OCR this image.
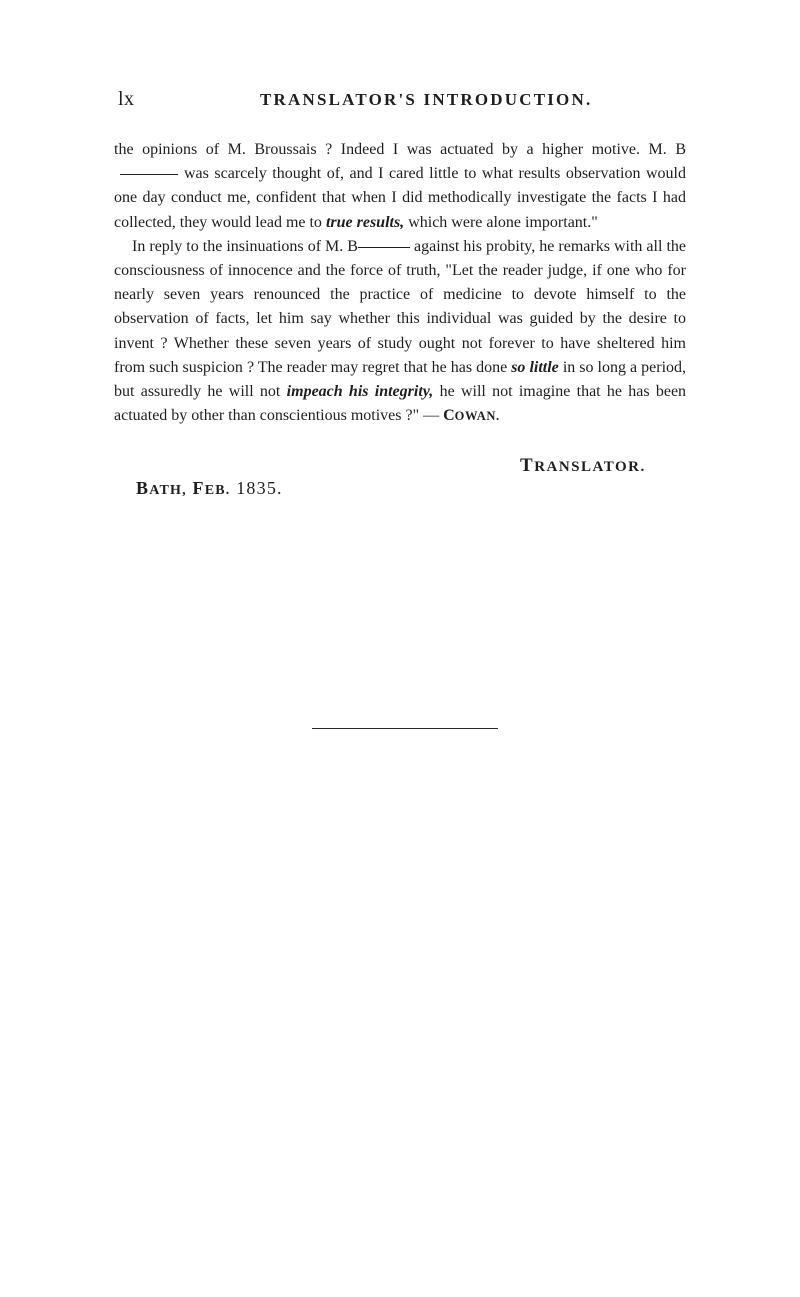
lx	TRANSLATOR'S INTRODUCTION.

the opinions of M. Broussais ? Indeed I was actuated by a higher motive. M. Bwas scarcely thought of, and I cared little to what results observation would one day conduct me, confident that when I did methodically investigate the facts I had collected, they would lead me to true results, which were alone important."

In reply to the insinuations of M. B	against his probity, he remarks with all the consciousness of innocence and the force of truth, "Let the reader judge, if one who for nearly seven years renounced the practice of medicine to devote himself to the observation of facts, let him say whether this individual was guided by the desire to invent ? Whether these seven years of study ought not forever to have sheltered him from such suspicion ? The reader may regret that he has done so little in so long a period, but assuredly he will not impeach his integrity, he will not imagine that he has been actuated by other than conscientious motives ?" — COWAN.

TRANSLATOR.
BATH, FEB. 1835.
